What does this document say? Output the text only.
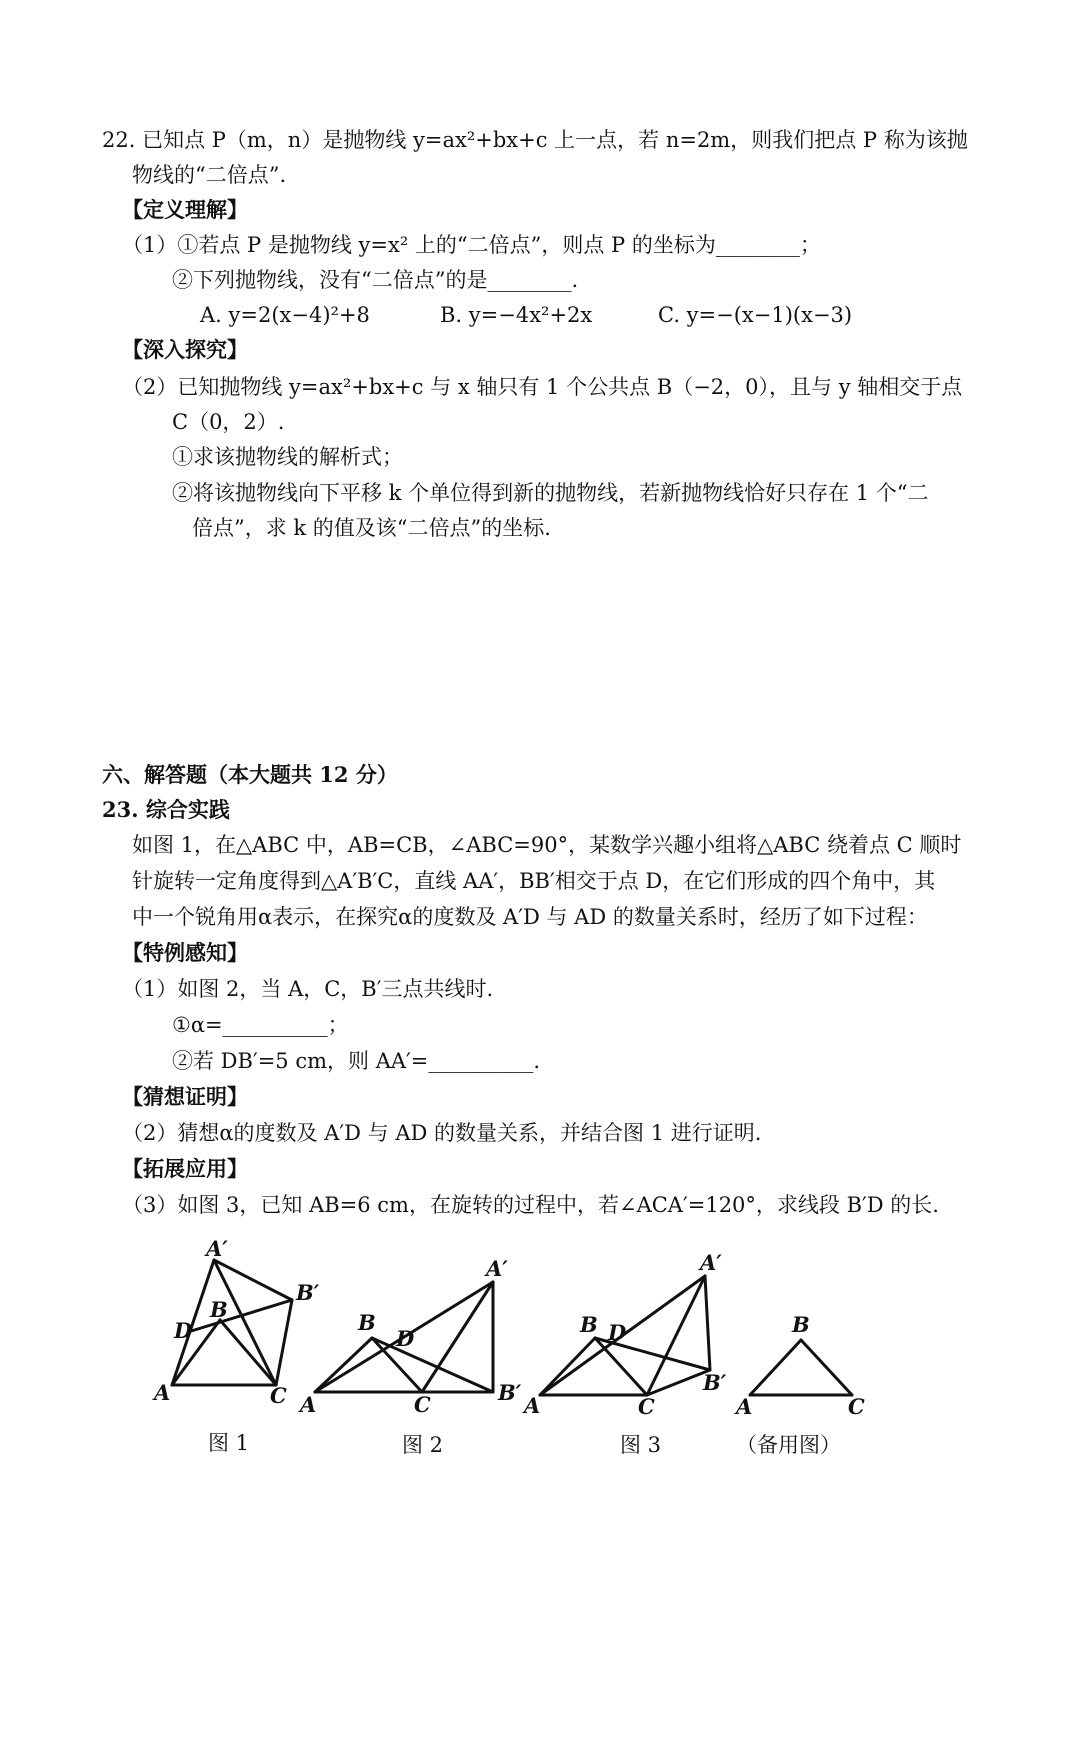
22. 已知点 P（m，n）是抛物线 y=ax²+bx+c 上一点，若 n=2m，则我们把点 P 称为该抛
物线的“二倍点”.
【定义理解】
（1）①若点 P 是抛物线 y=x² 上的“二倍点”，则点 P 的坐标为________；
②下列抛物线，没有“二倍点”的是________.
A. y=2(x−4)²+8	B. y=−4x²+2x	C. y=−(x−1)(x−3)
【深入探究】
（2）已知抛物线 y=ax²+bx+c 与 x 轴只有 1 个公共点 B（−2，0），且与 y 轴相交于点
C（0，2）.
①求该抛物线的解析式；
②将该抛物线向下平移 k 个单位得到新的抛物线，若新抛物线恰好只存在 1 个“二
倍点”，求 k 的值及该“二倍点”的坐标.
六、解答题（本大题共 12 分）
23. 综合实践
如图 1，在△ABC 中，AB=CB，∠ABC=90°，某数学兴趣小组将△ABC 绕着点 C 顺时
针旋转一定角度得到△A′B′C，直线 AA′，BB′相交于点 D，在它们形成的四个角中，其
中一个锐角用α表示，在探究α的度数及 A′D 与 AD 的数量关系时，经历了如下过程：
【特例感知】
（1）如图 2，当 A，C，B′三点共线时.
①α=__________；
②若 DB′=5 cm，则 AA′=__________.
【猜想证明】
（2）猜想α的度数及 A′D 与 AD 的数量关系，并结合图 1 进行证明.
【拓展应用】
（3）如图 3，已知 AB=6 cm，在旋转的过程中，若∠ACA′=120°，求线段 B′D 的长.
A
B
C
D
A′
B′
图 1
A
B
C
D
A′
B′
图 2
A
B
C
D
A′
B′
图 3
A
B
C
（备用图）
